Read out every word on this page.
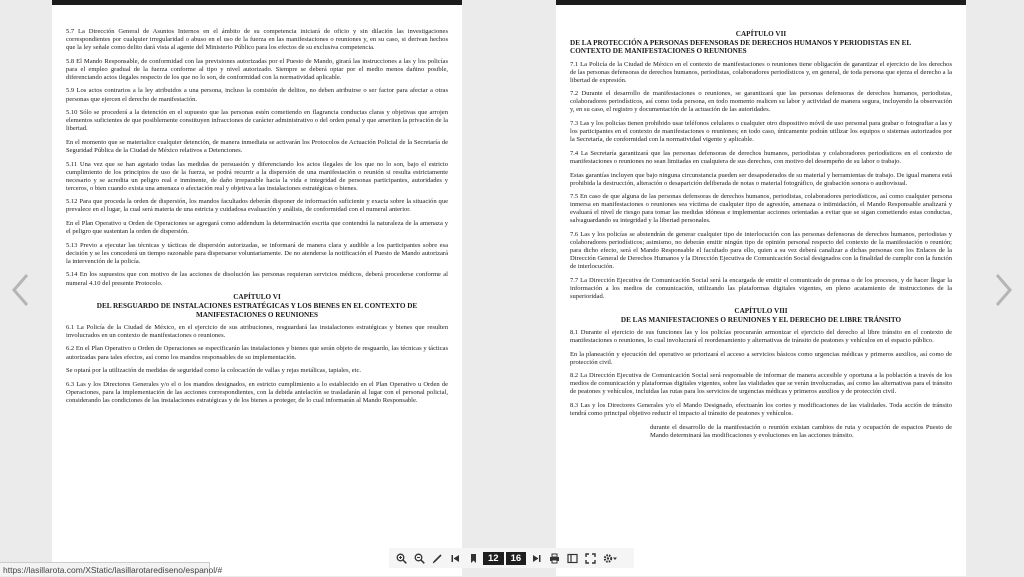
5.7 La Dirección General de Asuntos Internos en el ámbito de su competencia iniciará de oficio y sin dilación las investigaciones correspondientes por cualquier irregularidad o abuso en el uso de la fuerza en las manifestaciones o reuniones y, en su caso, si derivan hechos que la ley señale como delito dará vista al agente del Ministerio Público para los efectos de su exclusiva competencia.

5.8 El Mando Responsable, de conformidad con las previsiones autorizadas por el Puesto de Mando, girará las instrucciones a las y los policías para el empleo gradual de la fuerza conforme al tipo y nivel autorizado. Siempre se deberá optar por el medio menos dañino posible, diferenciando actos ilegales respecto de los que no lo son, de conformidad con la normatividad aplicable.

5.9 Los actos contrarios a la ley atribuidos a una persona, incluso la comisión de delitos, no deben atribuirse o ser factor para afectar a otras personas que ejercen el derecho de manifestación.

5.10 Sólo se procederá a la detención en el supuesto que las personas estén cometiendo en flagrancia conductas claras y objetivas que arrojen elementos suficientes de que posiblemente constituyen infracciones de carácter administrativo o del orden penal y que ameriten la privación de la libertad.

En el momento que se materialice cualquier detención, de manera inmediata se activarán los Protocolos de Actuación Policial de la Secretaría de Seguridad Pública de la Ciudad de México relativos a Detenciones.

5.11 Una vez que se han agotado todas las medidas de persuasión y diferenciando los actos ilegales de los que no lo son, bajo el estricto cumplimiento de los principios de uso de la fuerza, se podrá recurrir a la dispersión de una manifestación o reunión si resulta estrictamente necesario y se acredita un peligro real e inminente, de daño irreparable hacia la vida e integridad de personas participantes, autoridades y terceros, o bien cuando exista una amenaza o afectación real y objetiva a las instalaciones estratégicas o bienes.

5.12 Para que proceda la orden de dispersión, los mandos facultados deberán disponer de información suficiente y exacta sobre la situación que prevalece en el lugar, la cual será materia de una estricta y cuidadosa evaluación y análisis, de conformidad con el numeral anterior.

En el Plan Operativo u Orden de Operaciones se agregará como addendum la determinación escrita que contendrá la naturaleza de la amenaza y el peligro que sustentan la orden de dispersión.

5.13 Previo a ejecutar las técnicas y tácticas de dispersión autorizadas, se informará de manera clara y audible a los participantes sobre esa decisión y se les concederá un tiempo razonable para dispersarse voluntariamente. De no atenderse la notificación el Puesto de Mando autorizará la intervención de la policía.

5.14 En los supuestos que con motivo de las acciones de disolución las personas requieran servicios médicos, deberá procederse conforme al numeral 4.10 del presente Protocolo.

CAPÍTULO VI
DEL RESGUARDO DE INSTALACIONES ESTRATÉGICAS Y LOS BIENES EN EL CONTEXTO DE MANIFESTACIONES O REUNIONES

6.1 La Policía de la Ciudad de México, en el ejercicio de sus atribuciones, resguardará las instalaciones estratégicas y bienes que resulten involucrados en un contexto de manifestaciones o reuniones.

6.2 En el Plan Operativo u Orden de Operaciones se especificarán las instalaciones y bienes que serán objeto de resguardo, las técnicas y tácticas autorizadas para tales efectos, así como los mandos responsables de su implementación.

Se optará por la utilización de medidas de seguridad como la colocación de vallas y rejas metálicas, tapiales, etc.

6.3 Las y los Directores Generales y/o el o los mandos designados, en estricto cumplimiento a lo establecido en el Plan Operativo u Orden de Operaciones, para la implementación de las acciones correspondientes, con la debida antelación se trasladarán al lugar con el personal policial, considerando las condiciones de las instalaciones estratégicas y de los bienes a proteger, de lo cual informarán al Mando Responsable.

CAPÍTULO VII
DE LA PROTECCIÓN A PERSONAS DEFENSORAS DE DERECHOS HUMANOS Y PERIODISTAS EN EL CONTEXTO DE MANIFESTACIONES O REUNIONES

7.1 La Policía de la Ciudad de México en el contexto de manifestaciones o reuniones tiene obligación de garantizar el ejercicio de los derechos de las personas defensoras de derechos humanos, periodistas, colaboradores periodísticos y, en general, de toda persona que ejerza el derecho a la libertad de expresión.

7.2 Durante el desarrollo de manifestaciones o reuniones, se garantizará que las personas defensoras de derechos humanos, periodistas, colaboradores periodísticos, así como toda persona, en todo momento realicen su labor y actividad de manera segura, incluyendo la observación y, en su caso, el registro y documentación de la actuación de las autoridades.

7.3 Las y los policías tienen prohibido usar teléfonos celulares o cualquier otro dispositivo móvil de uso personal para grabar o fotografiar a las y los participantes en el contexto de manifestaciones o reuniones; en todo caso, únicamente podrán utilizar los equipos o sistemas autorizados por la Secretaría, de conformidad con la normatividad vigente y aplicable.

7.4 La Secretaría garantizará que las personas defensoras de derechos humanos, periodistas y colaboradores periodísticos en el contexto de manifestaciones o reuniones no sean limitadas en cualquiera de sus derechos, con motivo del desempeño de su labor o trabajo.

Estas garantías incluyen que bajo ninguna circunstancia pueden ser desapoderados de su material y herramientas de trabajo. De igual manera está prohibida la destrucción, alteración o desaparición deliberada de notas o material fotográfico, de grabación sonora o audiovisual.

7.5 En caso de que alguna de las personas defensoras de derechos humanos, periodistas, colaboradores periodísticos, así como cualquier persona inmersa en manifestaciones o reuniones sea víctima de cualquier tipo de agresión, amenaza o intimidación, el Mando Responsable analizará y evaluará el nivel de riesgo para tomar las medidas idóneas e implementar acciones orientadas a evitar que se sigan cometiendo estas conductas, salvaguardando su integridad y la libertad personales.

7.6 Las y los policías se abstendrán de generar cualquier tipo de interlocución con las personas defensoras de derechos humanos, periodistas y colaboradores periodísticos; asimismo, no deberán emitir ningún tipo de opinión personal respecto del contexto de la manifestación o reunión; para dicho efecto, será el Mando Responsable el facultado para ello, quien a su vez deberá canalizar a dichas personas con los Enlaces de la Dirección General de Derechos Humanos y la Dirección Ejecutiva de Comunicación Social designados con la finalidad de cumplir con la función de interlocución.

7.7 La Dirección Ejecutiva de Comunicación Social será la encargada de emitir el comunicado de prensa o de los procesos, y de hacer llegar la información a los medios de comunicación, utilizando las plataformas digitales vigentes, en pleno acatamiento de instrucciones de la superioridad.

CAPÍTULO VIII
DE LAS MANIFESTACIONES O REUNIONES Y EL DERECHO DE LIBRE TRÁNSITO

8.1 Durante el ejercicio de sus funciones las y los policías procurarán armonizar el ejercicio del derecho al libre tránsito en el contexto de manifestaciones o reuniones, lo cual involucrará el reordenamiento y alternativas de tránsito de peatones y vehículos en el espacio público.

En la planeación y ejecución del operativo se priorizará el acceso a servicios básicos como urgencias médicas y primeros auxilios, así como de protección civil.

8.2 La Dirección Ejecutiva de Comunicación Social será responsable de informar de manera accesible y oportuna a la población a través de los medios de comunicación y plataformas digitales vigentes, sobre las vialidades que se verán involucradas, así como las alternativas para el tránsito de peatones y vehículos, incluidas las rutas para los servicios de urgencias médicas y primeros auxilios y de protección civil.

8.3 Las y los Directores Generales y/o el Mando Designado, efectuarán los cortes y modificaciones de las vialidades. Toda acción de tránsito tendrá como principal objetivo reducir el impacto al tránsito de peatones y vehículos.

durante el desarrollo de la manifestación o reunión existan cambios de ruta y ocupación de espacios Puesto de Mando determinará las modificaciones y evoluciones en las acciones tránsito.

12	16
https://lasillarota.com/XStatic/lasillarotaredisenо/espanol/#
